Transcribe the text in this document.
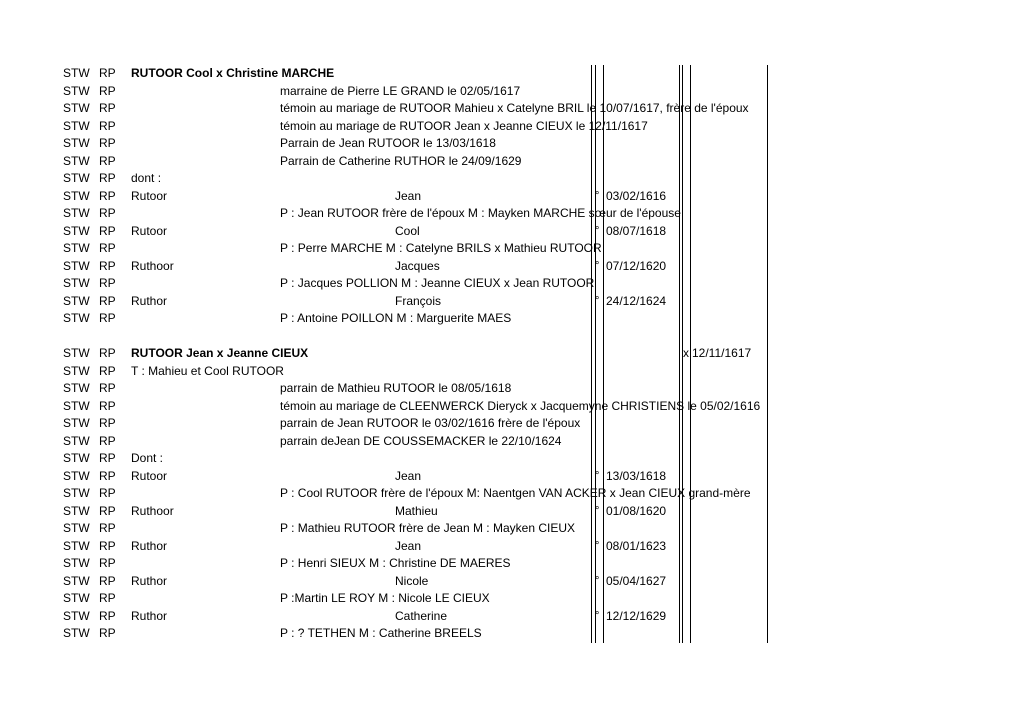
STW RP RUTOOR Cool x Christine MARCHE
STW RP	marraine de Pierre LE GRAND le 02/05/1617
STW RP	témoin au mariage de RUTOOR Mahieu x Catelyne BRIL le 10/07/1617, frère de l'époux
STW RP	témoin au mariage de RUTOOR Jean x Jeanne CIEUX le 12/11/1617
STW RP	Parrain de Jean RUTOOR le 13/03/1618
STW RP	Parrain de Catherine RUTHOR le 24/09/1629
STW RP dont :
STW RP Rutoor	Jean	° 03/02/1616
STW RP	P : Jean RUTOOR frère de l'époux M : Mayken MARCHE sœur de l'épouse
STW RP Rutoor	Cool	° 08/07/1618
STW RP	P : Perre MARCHE M : Catelyne BRILS x Mathieu RUTOOR
STW RP Ruthoor	Jacques	° 07/12/1620
STW RP	P : Jacques POLLION M : Jeanne CIEUX x Jean RUTOOR
STW RP Ruthor	François	° 24/12/1624
STW RP	P : Antoine POILLON M : Marguerite MAES
STW RP RUTOOR Jean x Jeanne CIEUX	x 12/11/1617
STW RP T : Mahieu et Cool RUTOOR
STW RP	parrain de Mathieu RUTOOR le 08/05/1618
STW RP	témoin au mariage de CLEENWERCK Dieryck x Jacquemyne CHRISTIENS le 05/02/1616
STW RP	parrain de Jean RUTOOR le 03/02/1616 frère de l'époux
STW RP	parrain deJean DE COUSSEMACKER le 22/10/1624
STW RP Dont :
STW RP Rutoor	Jean	° 13/03/1618
STW RP	P : Cool RUTOOR frère de l'époux M: Naentgen VAN ACKER x Jean CIEUX grand-mère
STW RP Ruthoor	Mathieu	° 01/08/1620
STW RP	P : Mathieu RUTOOR frère de Jean M : Mayken CIEUX
STW RP Ruthor	Jean	° 08/01/1623
STW RP	P : Henri SIEUX M : Christine DE MAERES
STW RP Ruthor	Nicole	° 05/04/1627
STW RP	P :Martin LE ROY M : Nicole LE CIEUX
STW RP Ruthor	Catherine	° 12/12/1629
STW RP	P : ? TETHEN M : Catherine BREELS
